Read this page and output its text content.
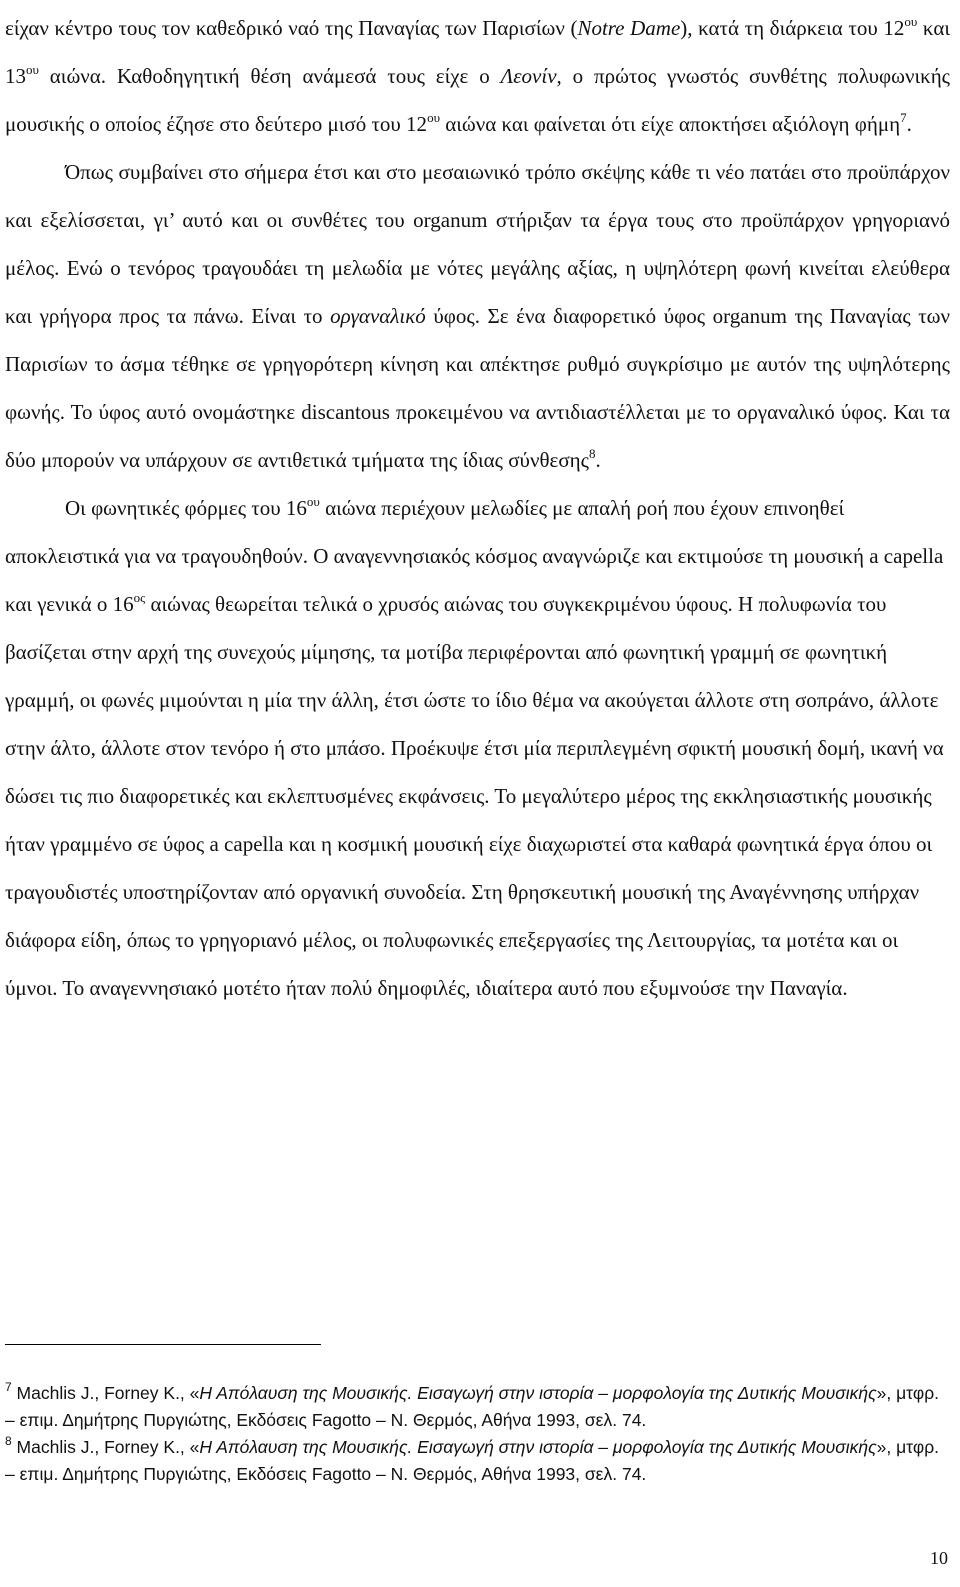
είχαν κέντρο τους τον καθεδρικό ναό της Παναγίας των Παρισίων (Notre Dame), κατά τη διάρκεια του $12^{o\upsilon}$ και $13^{o\upsilon}$ αιώνα. Καθοδηγητική θέση ανάμεσά τους είχε ο Λεονίν, ο πρώτος γνωστός συνθέτης πολυφωνικής μουσικής ο οποίος έζησε στο δεύτερο μισό του $12^{o\upsilon}$ αιώνα και φαίνεται ότι είχε αποκτήσει αξιόλογη φήμη$^7$.

Όπως συμβαίνει στο σήμερα έτσι και στο μεσαιωνικό τρόπο σκέψης κάθε τι νέο πατάει στο προϋπάρχον και εξελίσσεται, γι’ αυτό και οι συνθέτες του organum στήριξαν τα έργα τους στο προϋπάρχον γρηγοριανό μέλος. Ενώ ο τενόρος τραγουδάει τη μελωδία με νότες μεγάλης αξίας, η υψηλότερη φωνή κινείται ελεύθερα και γρήγορα προς τα πάνω. Είναι το οργαναλικό ύφος. Σε ένα διαφορετικό ύφος organum της Παναγίας των Παρισίων το άσμα τέθηκε σε γρηγορότερη κίνηση και απέκτησε ρυθμό συγκρίσιμο με αυτόν της υψηλότερης φωνής. Το ύφος αυτό ονομάστηκε discantous προκειμένου να αντιδιαστέλλεται με το οργαναλικό ύφος. Και τα δύο μπορούν να υπάρχουν σε αντιθετικά τμήματα της ίδιας σύνθεσης$^8$.

Οι φωνητικές φόρμες του $16^{o\upsilon}$ αιώνα περιέχουν μελωδίες με απαλή ροή που έχουν επινοηθεί αποκλειστικά για να τραγουδηθούν. Ο αναγεννησιακός κόσμος αναγνώριζε και εκτιμούσε τη μουσική a capella και γενικά ο $16^{o\varsigma}$ αιώνας θεωρείται τελικά ο χρυσός αιώνας του συγκεκριμένου ύφους. Η πολυφωνία του βασίζεται στην αρχή της συνεχούς μίμησης, τα μοτίβα περιφέρονται από φωνητική γραμμή σε φωνητική γραμμή, οι φωνές μιμούνται η μία την άλλη, έτσι ώστε το ίδιο θέμα να ακούγεται άλλοτε στη σοπράνο, άλλοτε στην άλτο, άλλοτε στον τενόρο ή στο μπάσο. Προέκυψε έτσι μία περιπλεγμένη σφικτή μουσική δομή, ικανή να δώσει τις πιο διαφορετικές και εκλεπτυσμένες εκφάνσεις. Το μεγαλύτερο μέρος της εκκλησιαστικής μουσικής ήταν γραμμένο σε ύφος a capella και η κοσμική μουσική είχε διαχωριστεί στα καθαρά φωνητικά έργα όπου οι τραγουδιστές υποστηρίζονταν από οργανική συνοδεία. Στη θρησκευτική μουσική της Αναγέννησης υπήρχαν διάφορα είδη, όπως το γρηγοριανό μέλος, οι πολυφωνικές επεξεργασίες της Λειτουργίας, τα μοτέτα και οι ύμνοι. Το αναγεννησιακό μοτέτο ήταν πολύ δημοφιλές, ιδιαίτερα αυτό που εξυμνούσε την Παναγία.

$^7$ Machlis J., Forney K., «Η Απόλαυση της Μουσικής. Εισαγωγή στην ιστορία – μορφολογία της Δυτικής Μουσικής», μτφρ. – επιμ. Δημήτρης Πυργιώτης, Εκδόσεις Fagotto – Ν. Θερμός, Αθήνα 1993, σελ. 74.

$^8$ Machlis J., Forney K., «Η Απόλαυση της Μουσικής. Εισαγωγή στην ιστορία – μορφολογία της Δυτικής Μουσικής», μτφρ. – επιμ. Δημήτρης Πυργιώτης, Εκδόσεις Fagotto – Ν. Θερμός, Αθήνα 1993, σελ. 74.

10
